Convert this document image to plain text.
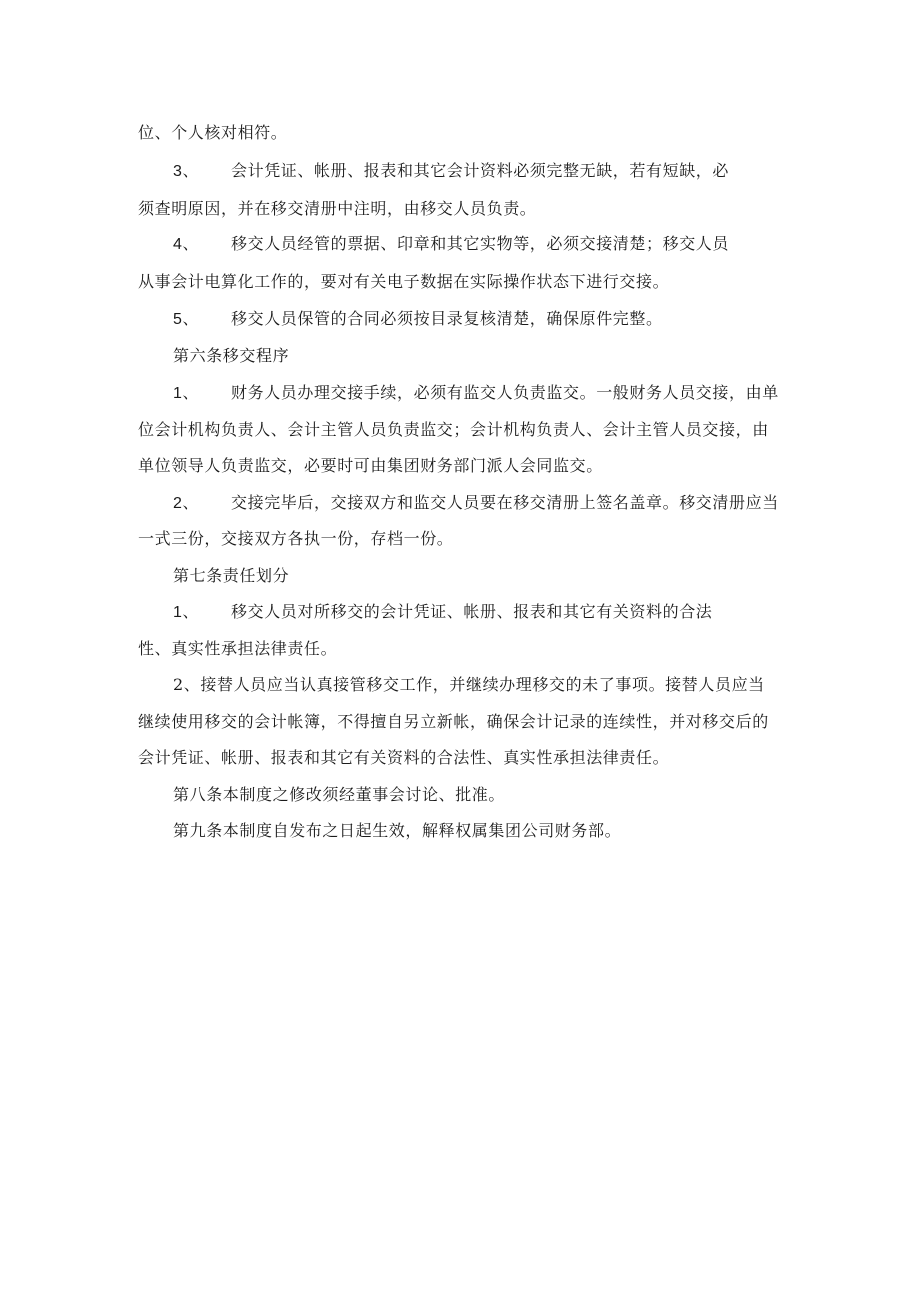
位、个人核对相符。
3、 会计凭证、帐册、报表和其它会计资料必须完整无缺，若有短缺，必
须查明原因，并在移交清册中注明，由移交人员负责。
4、 移交人员经管的票据、印章和其它实物等，必须交接清楚；移交人员
从事会计电算化工作的，要对有关电子数据在实际操作状态下进行交接。
5、 移交人员保管的合同必须按目录复核清楚，确保原件完整。
第六条移交程序
1、 财务人员办理交接手续，必须有监交人负责监交。一般财务人员交接，由单
位会计机构负责人、会计主管人员负责监交；会计机构负责人、会计主管人员交接，由
单位领导人负责监交，必要时可由集团财务部门派人会同监交。
2、 交接完毕后，交接双方和监交人员要在移交清册上签名盖章。移交清册应当
一式三份，交接双方各执一份，存档一份。
第七条责任划分
1、 移交人员对所移交的会计凭证、帐册、报表和其它有关资料的合法
性、真实性承担法律责任。
2、接替人员应当认真接管移交工作，并继续办理移交的未了事项。接替人员应当
继续使用移交的会计帐簿，不得擅自另立新帐，确保会计记录的连续性，并对移交后的
会计凭证、帐册、报表和其它有关资料的合法性、真实性承担法律责任。
第八条本制度之修改须经董事会讨论、批准。
第九条本制度自发布之日起生效，解释权属集团公司财务部。
